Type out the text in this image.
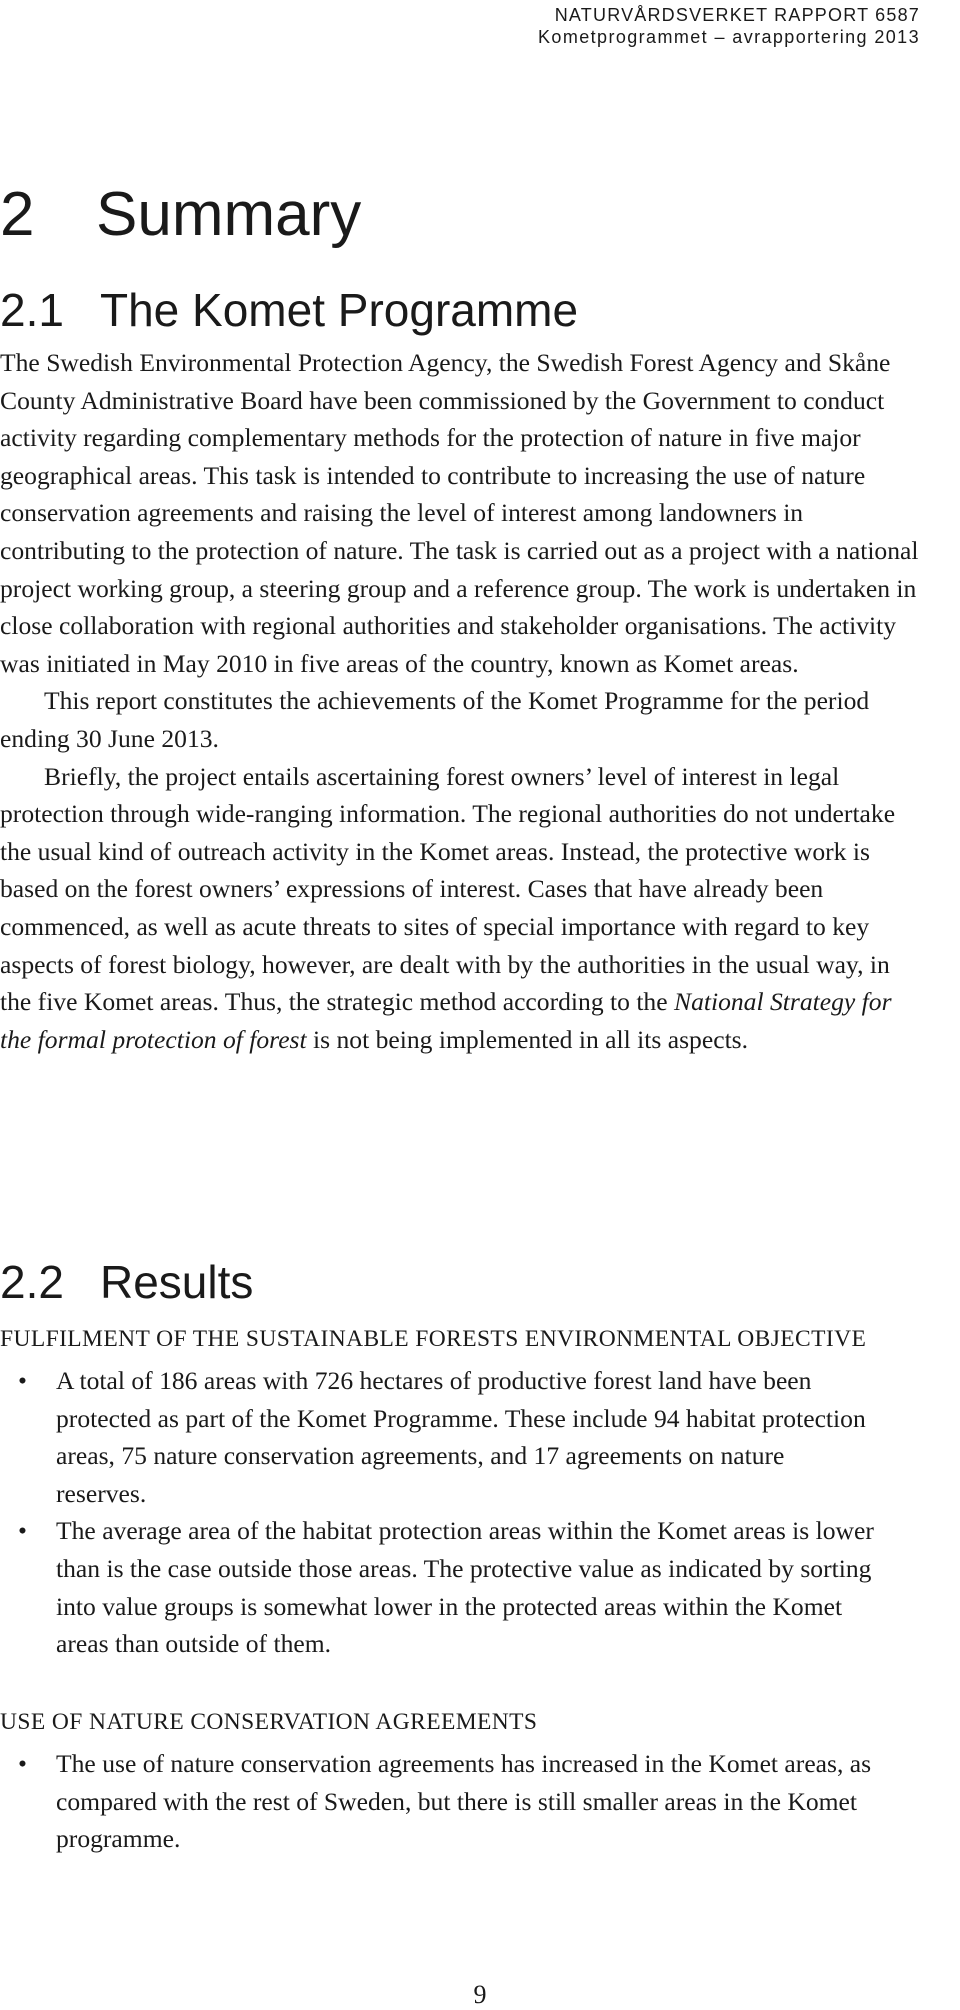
NATURVÅRDSVERKET RAPPORT 6587
Kometprogrammet – avrapportering 2013
2 Summary
2.1 The Komet Programme

The Swedish Environmental Protection Agency, the Swedish Forest Agency and Skåne County Administrative Board have been commissioned by the Government to conduct activity regarding complementary methods for the protection of nature in five major geographical areas. This task is intended to contribute to increasing the use of nature conservation agreements and raising the level of interest among landowners in contributing to the protection of nature. The task is carried out as a project with a national project working group, a steering group and a reference group. The work is undertaken in close collaboration with regional authorities and stakeholder organisations. The activity was initiated in May 2010 in five areas of the country, known as Komet areas.

This report constitutes the achievements of the Komet Programme for the period ending 30 June 2013.

Briefly, the project entails ascertaining forest owners’ level of interest in legal protection through wide-ranging information. The regional authorities do not undertake the usual kind of outreach activity in the Komet areas. Instead, the protective work is based on the forest owners’ expressions of interest. Cases that have already been commenced, as well as acute threats to sites of special importance with regard to key aspects of forest biology, however, are dealt with by the authorities in the usual way, in the five Komet areas. Thus, the strategic method according to the National Strategy for the formal protection of forest is not being implemented in all its aspects.

2.2 Results
FULFILMENT OF THE SUSTAINABLE FORESTS ENVIRONMENTAL OBJECTIVE
• A total of 186 areas with 726 hectares of productive forest land have been protected as part of the Komet Programme. These include 94 habitat protection areas, 75 nature conservation agreements, and 17 agreements on nature reserves.
• The average area of the habitat protection areas within the Komet areas is lower than is the case outside those areas. The protective value as indicated by sorting into value groups is somewhat lower in the protected areas within the Komet areas than outside of them.
USE OF NATURE CONSERVATION AGREEMENTS
• The use of nature conservation agreements has increased in the Komet areas, as compared with the rest of Sweden, but there is still smaller areas in the Komet programme.
9
